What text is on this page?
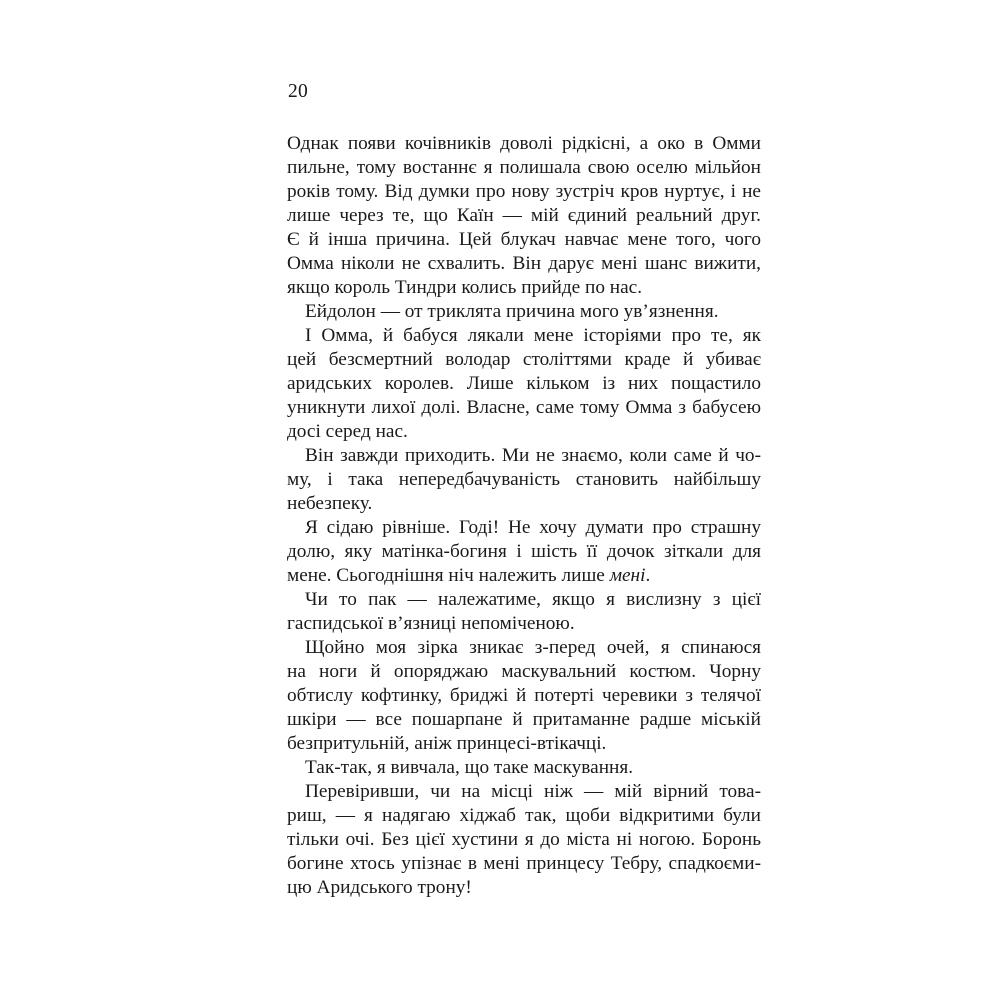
20
Однак появи кочівників доволі рідкісні, а око в Омми
пильне, тому востаннє я полишала свою оселю мільйон
років тому. Від думки про нову зустріч кров нуртує, і не
лише через те, що Каїн — мій єдиний реальний друг.
Є й інша причина. Цей блукач навчає мене того, чого
Омма ніколи не схвалить. Він дарує мені шанс вижити,
якщо король Тиндри колись прийде по нас.
Ейдолон — от триклята причина мого ув’язнення.
І Омма, й бабуся лякали мене історіями про те, як
цей безсмертний володар століттями краде й убиває
аридських королев. Лише кільком із них пощастило
уникнути лихої долі. Власне, саме тому Омма з бабусею
досі серед нас.
Він завжди приходить. Ми не знаємо, коли саме й чо-
му, і така непередбачуваність становить найбільшу
небезпеку.
Я сідаю рівніше. Годі! Не хочу думати про страшну
долю, яку матінка-богиня і шість її дочок зіткали для
мене. Сьогоднішня ніч належить лише мені.
Чи то пак — належатиме, якщо я вислизну з цієї
гаспидської в’язниці непоміченою.
Щойно моя зірка зникає з-перед очей, я спинаюся
на ноги й опоряджаю маскувальний костюм. Чорну
обтислу кофтинку, бриджі й потерті черевики з телячої
шкіри — все пошарпане й притаманне радше міській
безпритульній, аніж принцесі-втікачці.
Так-так, я вивчала, що таке маскування.
Перевіривши, чи на місці ніж — мій вірний това-
риш, — я надягаю хіджаб так, щоби відкритими були
тільки очі. Без цієї хустини я до міста ні ногою. Боронь
богине хтось упізнає в мені принцесу Тебру, спадкоєми-
цю Аридського трону!
